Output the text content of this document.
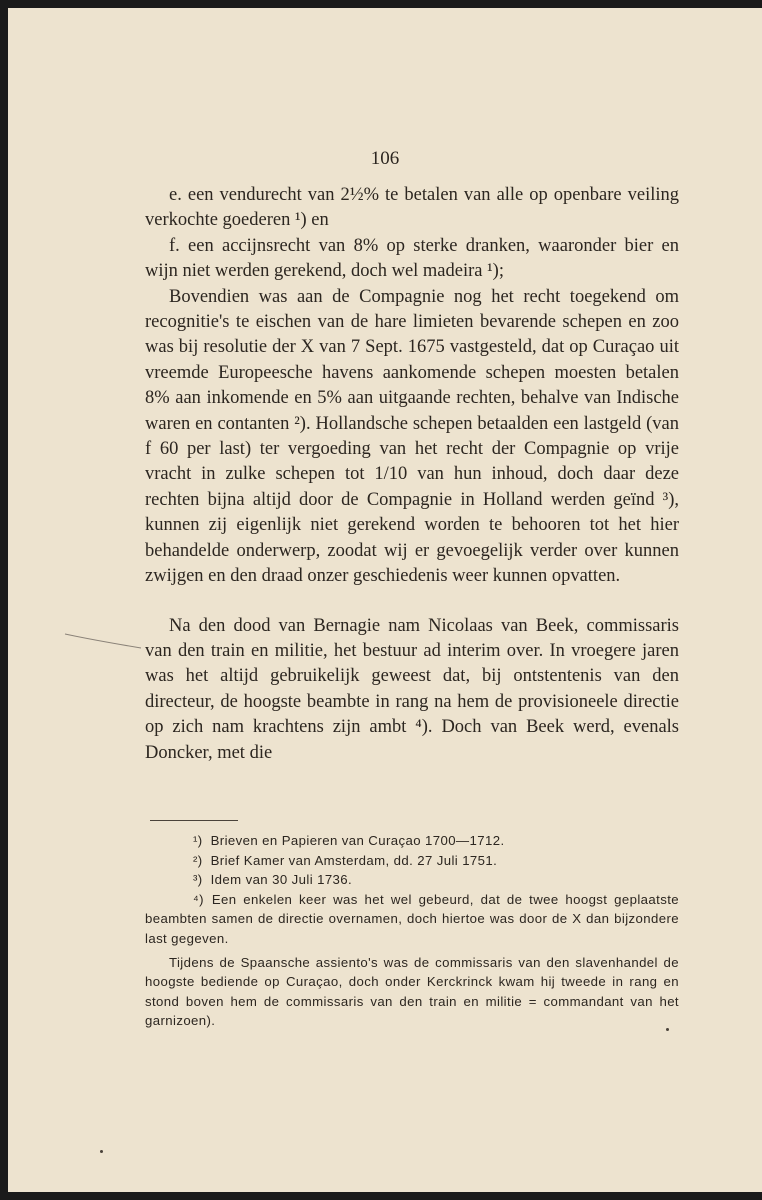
106

e. een vendurecht van 2½% te betalen van alle op openbare veiling verkochte goederen ¹) en

f. een accijnsrecht van 8% op sterke dranken, waaronder bier en wijn niet werden gerekend, doch wel madeira ¹);

Bovendien was aan de Compagnie nog het recht toegekend om recognitie's te eischen van de hare limieten bevarende schepen en zoo was bij resolutie der X van 7 Sept. 1675 vastgesteld, dat op Curaçao uit vreemde Europeesche havens aankomende schepen moesten betalen 8% aan inkomende en 5% aan uitgaande rechten, behalve van Indische waren en contanten ²). Hollandsche schepen betaalden een lastgeld (van f 60 per last) ter vergoeding van het recht der Compagnie op vrije vracht in zulke schepen tot 1/10 van hun inhoud, doch daar deze rechten bijna altijd door de Compagnie in Holland werden geïnd ³), kunnen zij eigenlijk niet gerekend worden te behooren tot het hier behandelde onderwerp, zoodat wij er gevoegelijk verder over kunnen zwijgen en den draad onzer geschiedenis weer kunnen opvatten.

Na den dood van Bernagie nam Nicolaas van Beek, commissaris van den train en militie, het bestuur ad interim over. In vroegere jaren was het altijd gebruikelijk geweest dat, bij ontstentenis van den directeur, de hoogste beambte in rang na hem de provisioneele directie op zich nam krachtens zijn ambt ⁴). Doch van Beek werd, evenals Doncker, met die

¹) Brieven en Papieren van Curaçao 1700—1712.

²) Brief Kamer van Amsterdam, dd. 27 Juli 1751.

³) Idem van 30 Juli 1736.

⁴) Een enkelen keer was het wel gebeurd, dat de twee hoogst geplaatste beambten samen de directie overnamen, doch hiertoe was door de X dan bijzondere last gegeven.

Tijdens de Spaansche assiento's was de commissaris van den slavenhandel de hoogste bediende op Curaçao, doch onder Kerckrinck kwam hij tweede in rang en stond boven hem de commissaris van den train en militie = commandant van het garnizoen).
